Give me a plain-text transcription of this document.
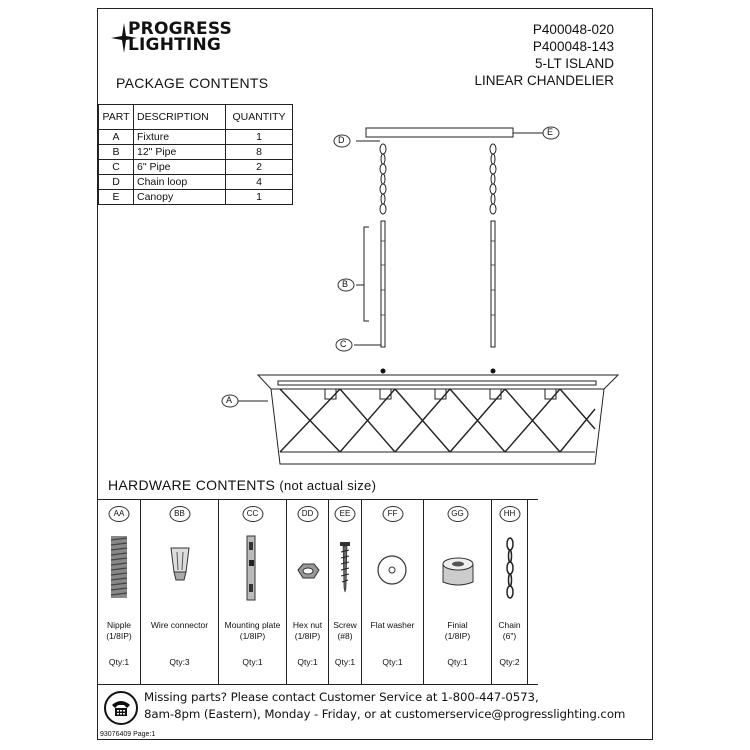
PROGRESS
LIGHTING
P400048-020
P400048-143
5-LT ISLAND
LINEAR CHANDELIER
PACKAGE CONTENTS
PART	DESCRIPTION	QUANTITY
A	Fixture	1
B	12" Pipe	8
C	6" Pipe	2
D	Chain loop	4
E	Canopy	1
D
E
B
C
A
HARDWARE CONTENTS (not actual size)
AA
Nipple
(1/8IP)
Qty:1
BB
Wire connector

Qty:3
CC
Mounting plate
(1/8IP)
Qty:1
DD
Hex nut
(1/8IP)
Qty:1
EE
Screw
(#8)
Qty:1
FF
Flat washer

Qty:1
GG
Finial
(1/8IP)
Qty:1
HH
Chain
(6")
Qty:2
Missing parts? Please contact Customer Service at 1-800-447-0573,
8am-8pm (Eastern), Monday - Friday, or at customerservice@progresslighting.com
93076409 Page:1
